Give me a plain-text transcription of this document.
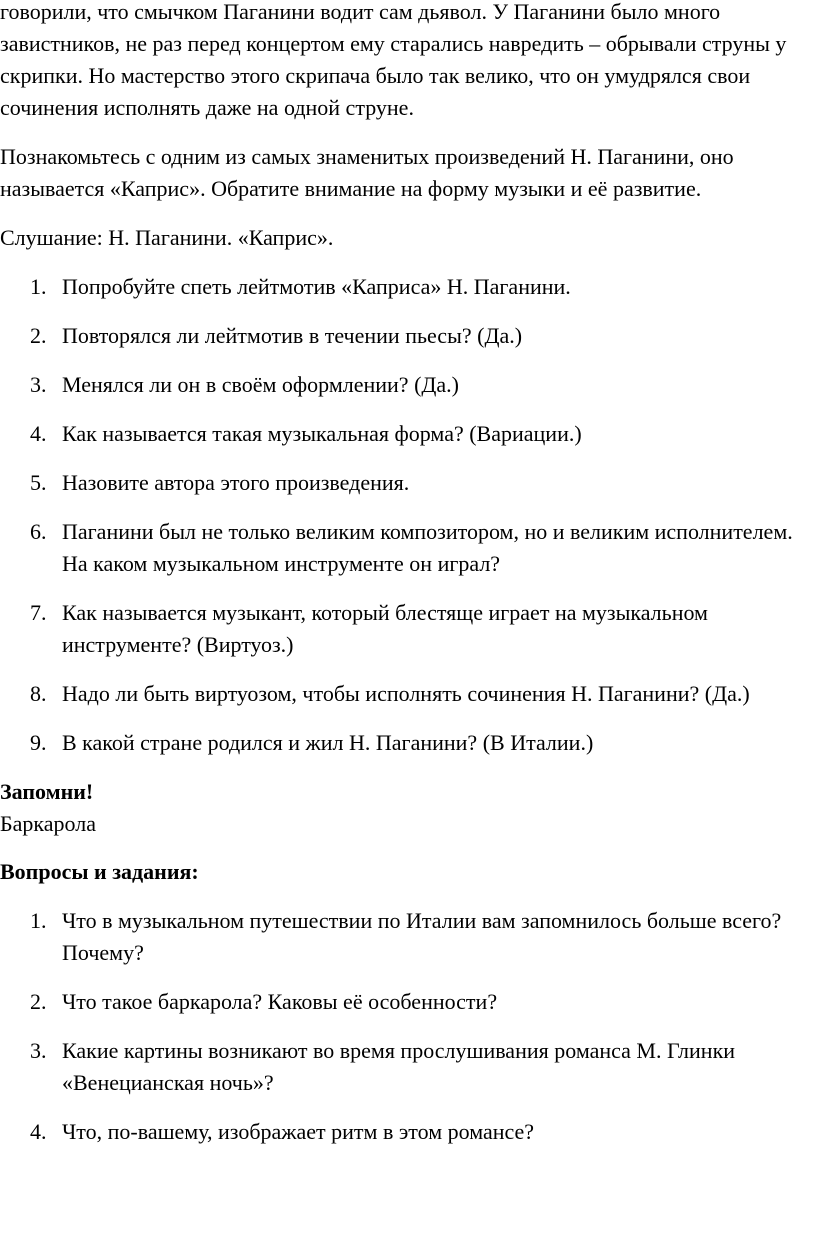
говорили, что смычком Паганини водит сам дьявол. У Паганини было много завистников, не раз перед концертом ему старались навредить – обрывали струны у скрипки. Но мастерство этого скрипача было так велико, что он умудрялся свои сочинения исполнять даже на одной струне.

Познакомьтесь с одним из самых знаменитых произведений Н. Паганини, оно называется «Каприс». Обратите внимание на форму музыки и её развитие.

Слушание: Н. Паганини. «Каприс».

1. Попробуйте спеть лейтмотив «Каприса» Н. Паганини.
2. Повторялся ли лейтмотив в течении пьесы? (Да.)
3. Менялся ли он в своём оформлении? (Да.)
4. Как называется такая музыкальная форма? (Вариации.)
5. Назовите автора этого произведения.
6. Паганини был не только великим композитором, но и великим исполнителем. На каком музыкальном инструменте он играл?
7. Как называется музыкант, который блестяще играет на музыкальном инструменте? (Виртуоз.)
8. Надо ли быть виртуозом, чтобы исполнять сочинения Н. Паганини? (Да.)
9. В какой стране родился и жил Н. Паганини? (В Италии.)

Запомни!

Баркарола

Вопросы и задания:

1. Что в музыкальном путешествии по Италии вам запомнилось больше всего? Почему?
2. Что такое баркарола? Каковы её особенности?
3. Какие картины возникают во время прослушивания романса М. Глинки «Венецианская ночь»?
4. Что, по-вашему, изображает ритм в этом романсе?
